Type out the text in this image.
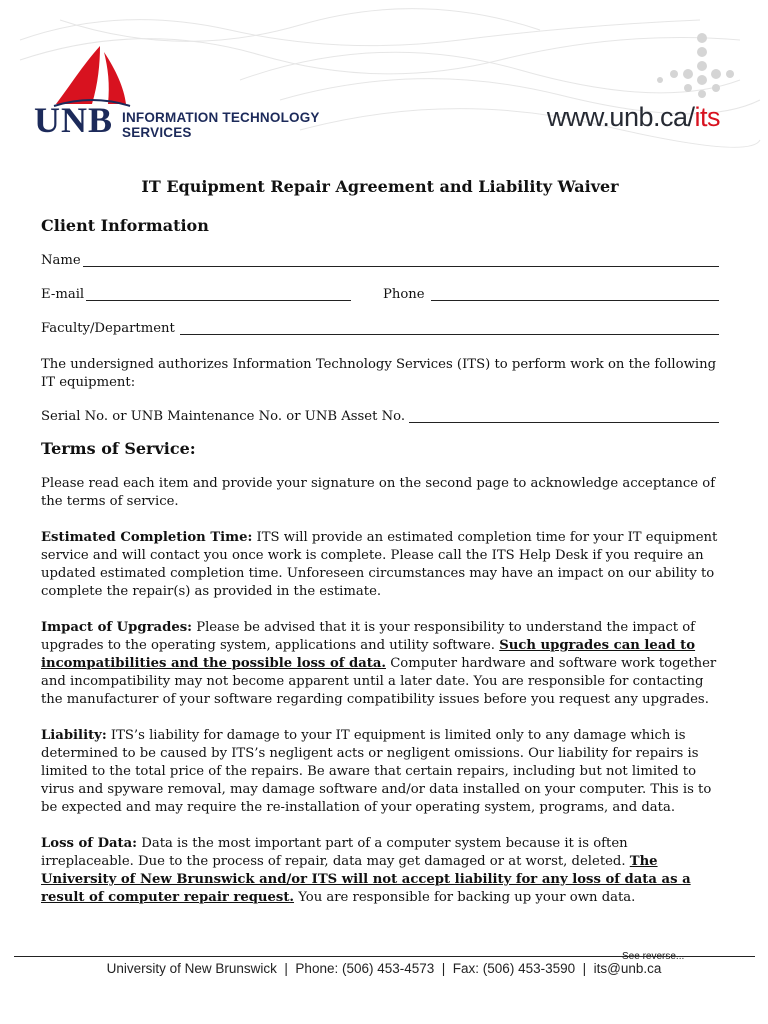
UNB INFORMATION TECHNOLOGY
SERVICES
www.unb.ca/its
IT Equipment Repair Agreement and Liability Waiver
Client Information
Name
E-mail	Phone
Faculty/Department

The undersigned authorizes Information Technology Services (ITS) to perform work on the following IT equipment:

Serial No. or UNB Maintenance No. or UNB Asset No.
Terms of Service:

Please read each item and provide your signature on the second page to acknowledge acceptance of the terms of service.

Estimated Completion Time: ITS will provide an estimated completion time for your IT equipment service and will contact you once work is complete. Please call the ITS Help Desk if you require an updated estimated completion time. Unforeseen circumstances may have an impact on our ability to complete the repair(s) as provided in the estimate.

Impact of Upgrades: Please be advised that it is your responsibility to understand the impact of upgrades to the operating system, applications and utility software. Such upgrades can lead to incompatibilities and the possible loss of data. Computer hardware and software work together and incompatibility may not become apparent until a later date. You are responsible for contacting the manufacturer of your software regarding compatibility issues before you request any upgrades.

Liability: ITS’s liability for damage to your IT equipment is limited only to any damage which is determined to be caused by ITS’s negligent acts or negligent omissions. Our liability for repairs is limited to the total price of the repairs. Be aware that certain repairs, including but not limited to virus and spyware removal, may damage software and/or data installed on your computer. This is to be expected and may require the re-installation of your operating system, programs, and data.

Loss of Data: Data is the most important part of a computer system because it is often irreplaceable. Due to the process of repair, data may get damaged or at worst, deleted. The University of New Brunswick and/or ITS will not accept liability for any loss of data as a result of computer repair request. You are responsible for backing up your own data.

See reverse...
University of New Brunswick  |  Phone: (506) 453-4573  |  Fax: (506) 453-3590  |  its@unb.ca
